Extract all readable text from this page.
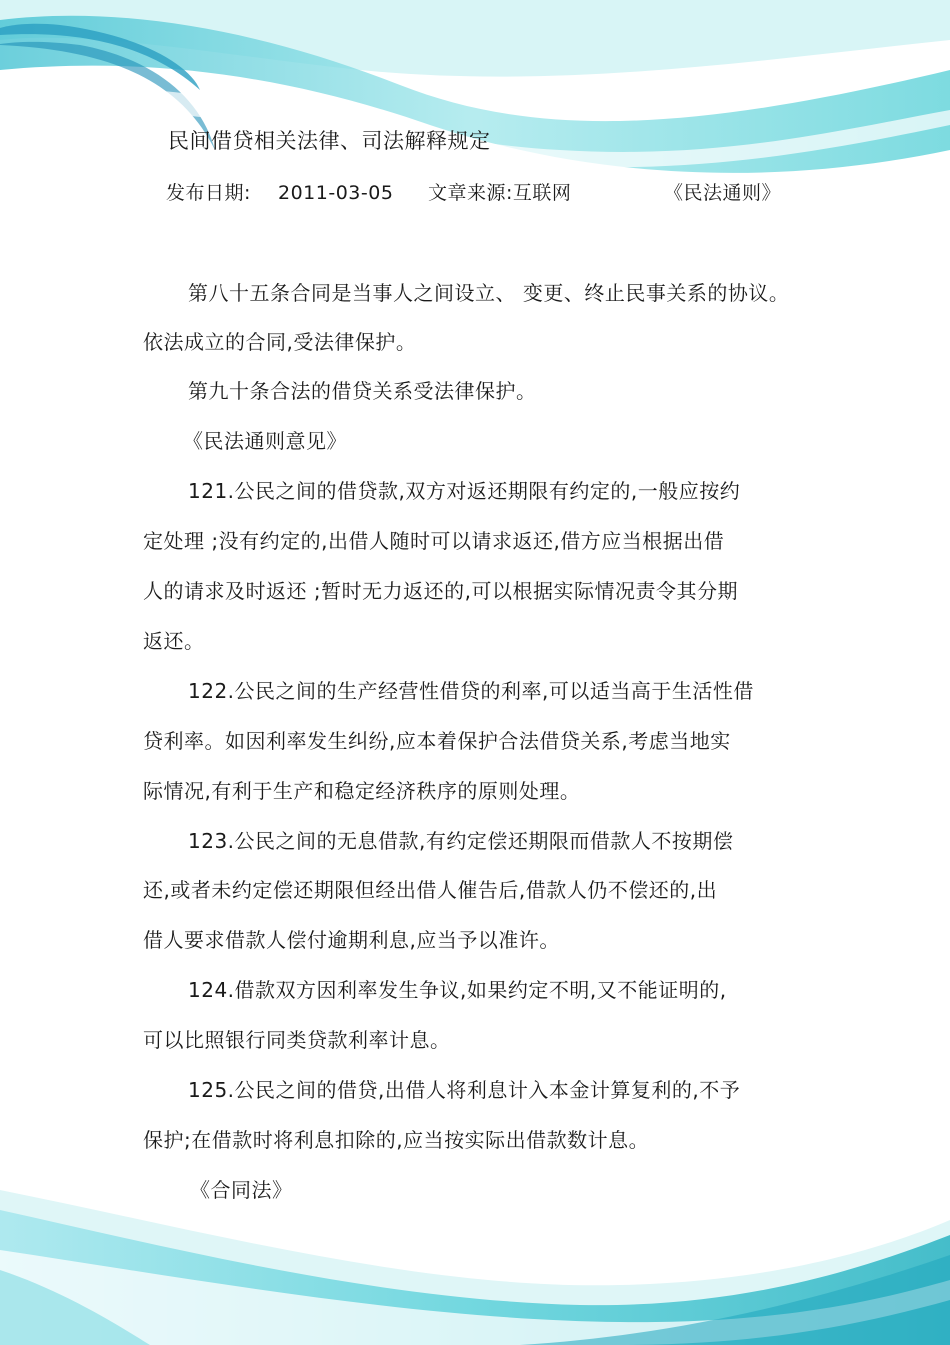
民间借贷相关法律、司法解释规定
发布日期: 2011-03-05 文章来源:互联网	《民法通则》
第八十五条合同是当事人之间设立、 变更、终止民事关系的协议。
依法成立的合同,受法律保护。
第九十条合法的借贷关系受法律保护。
《民法通则意见》
121.公民之间的借贷款,双方对返还期限有约定的,一般应按约
定处理 ;没有约定的,出借人随时可以请求返还,借方应当根据出借
人的请求及时返还 ;暂时无力返还的,可以根据实际情况责令其分期
返还。
122.公民之间的生产经营性借贷的利率,可以适当高于生活性借
贷利率。如因利率发生纠纷,应本着保护合法借贷关系,考虑当地实
际情况,有利于生产和稳定经济秩序的原则处理。
123.公民之间的无息借款,有约定偿还期限而借款人不按期偿
还,或者未约定偿还期限但经出借人催告后,借款人仍不偿还的,出
借人要求借款人偿付逾期利息,应当予以准许。
124.借款双方因利率发生争议,如果约定不明,又不能证明的,
可以比照银行同类贷款利率计息。
125.公民之间的借贷,出借人将利息计入本金计算复利的,不予
保护;在借款时将利息扣除的,应当按实际出借款数计息。
《合同法》
